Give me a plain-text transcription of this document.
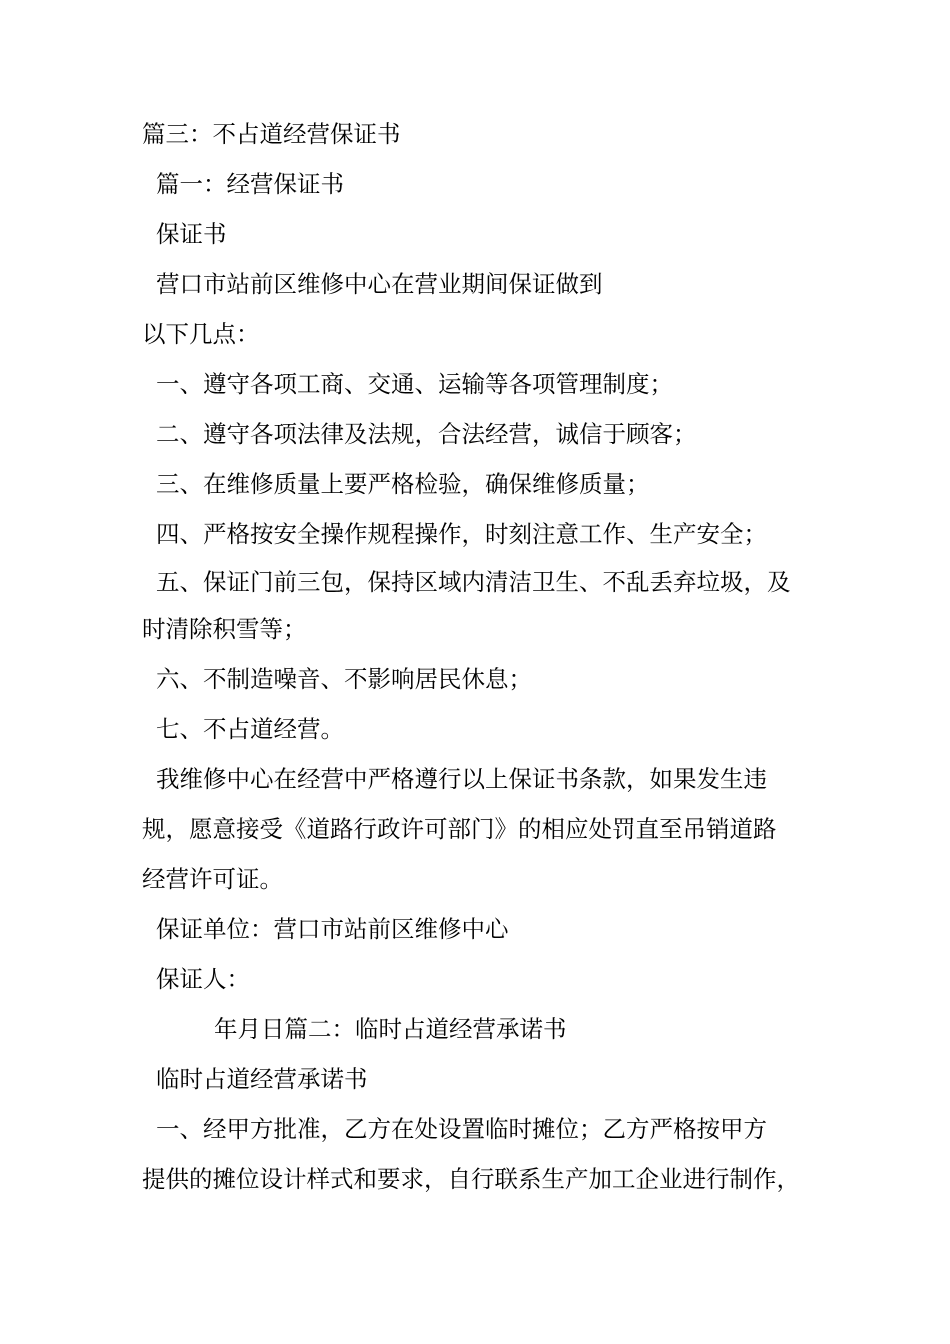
篇三：不占道经营保证书

篇一：经营保证书

保证书

营口市站前区维修中心在营业期间保证做到

以下几点：

一、遵守各项工商、交通、运输等各项管理制度；

二、遵守各项法律及法规，合法经营，诚信于顾客；

三、在维修质量上要严格检验，确保维修质量；

四、严格按安全操作规程操作，时刻注意工作、生产安全；

五、保证门前三包，保持区域内清洁卫生、不乱丢弃垃圾，及

时清除积雪等；

六、不制造噪音、不影响居民休息；

七、不占道经营。

我维修中心在经营中严格遵行以上保证书条款，如果发生违

规，愿意接受《道路行政许可部门》的相应处罚直至吊销道路

经营许可证。

保证单位：营口市站前区维修中心

保证人：

年月日篇二：临时占道经营承诺书

临时占道经营承诺书

一、经甲方批准，乙方在处设置临时摊位；乙方严格按甲方

提供的摊位设计样式和要求，自行联系生产加工企业进行制作，
